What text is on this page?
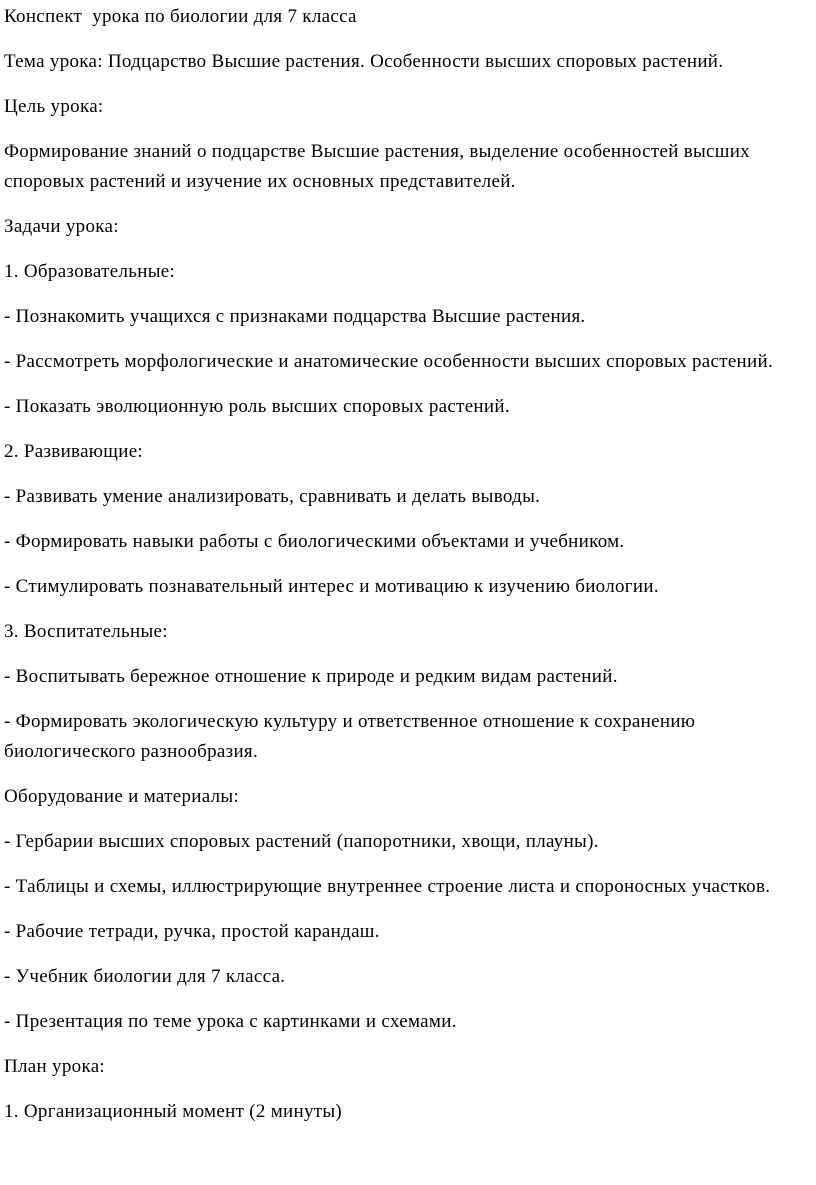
Конспект  урока по биологии для 7 класса

Тема урока: Подцарство Высшие растения. Особенности высших споровых растений.

Цель урока:

Формирование знаний о подцарстве Высшие растения, выделение особенностей высших споровых растений и изучение их основных представителей.

Задачи урока:

1. Образовательные:

- Познакомить учащихся с признаками подцарства Высшие растения.

- Рассмотреть морфологические и анатомические особенности высших споровых растений.

- Показать эволюционную роль высших споровых растений.

2. Развивающие:

- Развивать умение анализировать, сравнивать и делать выводы.

- Формировать навыки работы с биологическими объектами и учебником.

- Стимулировать познавательный интерес и мотивацию к изучению биологии.

3. Воспитательные:

- Воспитывать бережное отношение к природе и редким видам растений.

- Формировать экологическую культуру и ответственное отношение к сохранению биологического разнообразия.

Оборудование и материалы:

- Гербарии высших споровых растений (папоротники, хвощи, плауны).

- Таблицы и схемы, иллюстрирующие внутреннее строение листа и спороносных участков.

- Рабочие тетради, ручка, простой карандаш.

- Учебник биологии для 7 класса.

- Презентация по теме урока с картинками и схемами.

План урока:

1. Организационный момент (2 минуты)
